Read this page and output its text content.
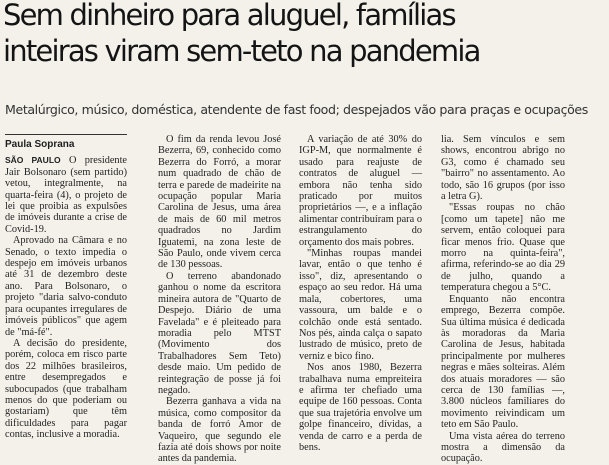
Sem dinheiro para aluguel, famílias
inteiras viram sem-teto na pandemia

Metalúrgico, músico, doméstica, atendente de fast food; despejados vão para praças e ocupações

Paula Soprana

SÃO PAULO O presidente Jair Bolsonaro (sem partido) vetou, integralmente, na quarta-feira (4), o projeto de lei que proibia as expulsões de imóveis durante a crise de Covid-19.

Aprovado na Câmara e no Senado, o texto impedia o despejo em imóveis urbanos até 31 de dezembro deste ano. Para Bolsonaro, o projeto "daria salvo-conduto para ocupantes irregulares de imóveis públicos" que agem de "má-fé".

A decisão do presidente, porém, coloca em risco parte dos 22 milhões brasileiros, entre desempregados e subocupados (que trabalham menos do que poderiam ou gostariam) que têm dificuldades para pagar contas, inclusive a moradia.

O fim da renda levou José Bezerra, 69, conhecido como Bezerra do Forró, a morar num quadrado de chão de terra e parede de madeirite na ocupação popular Maria Carolina de Jesus, uma área de mais de 60 mil metros quadrados no Jardim Iguatemi, na zona leste de São Paulo, onde vivem cerca de 130 pessoas.

O terreno abandonado ganhou o nome da escritora mineira autora de "Quarto de Despejo. Diário de uma Favelada" e é pleiteado para moradia pelo MTST (Movimento dos Trabalhadores Sem Teto) desde maio. Um pedido de reintegração de posse já foi negado.

Bezerra ganhava a vida na música, como compositor da banda de forró Amor de Vaqueiro, que segundo ele fazia até dois shows por noite antes da pandemia.

A variação de até 30% do IGP-M, que normalmente é usado para reajuste de contratos de aluguel — embora não tenha sido praticado por muitos proprietários —, e a inflação alimentar contribuíram para o estrangulamento do orçamento dos mais pobres.

"Minhas roupas mandei lavar, então o que tenho é isso", diz, apresentando o espaço ao seu redor. Há uma mala, cobertores, uma vassoura, um balde e o colchão onde está sentado. Nos pés, ainda calça o sapato lustrado de músico, preto de verniz e bico fino.

Nos anos 1980, Bezerra trabalhava numa empreiteira e afirma ter chefiado uma equipe de 160 pessoas. Conta que sua trajetória envolve um golpe financeiro, dívidas, a venda de carro e a perda de bens.

lia. Sem vínculos e sem shows, encontrou abrigo no G3, como é chamado seu "bairro" no assentamento. Ao todo, são 16 grupos (por isso a letra G).

"Essas roupas no chão [como um tapete] não me servem, então coloquei para ficar menos frio. Quase que morro na quinta-feira", afirma, referindo-se ao dia 29 de julho, quando a temperatura chegou a 5°C.

Enquanto não encontra emprego, Bezerra compõe. Sua última música é dedicada às moradoras da Maria Carolina de Jesus, habitada principalmente por mulheres negras e mães solteiras. Além dos atuais moradores — são cerca de 130 famílias —, 3.800 núcleos familiares do movimento reivindicam um teto em São Paulo.

Uma vista aérea do terreno mostra a dimensão da ocupação.
